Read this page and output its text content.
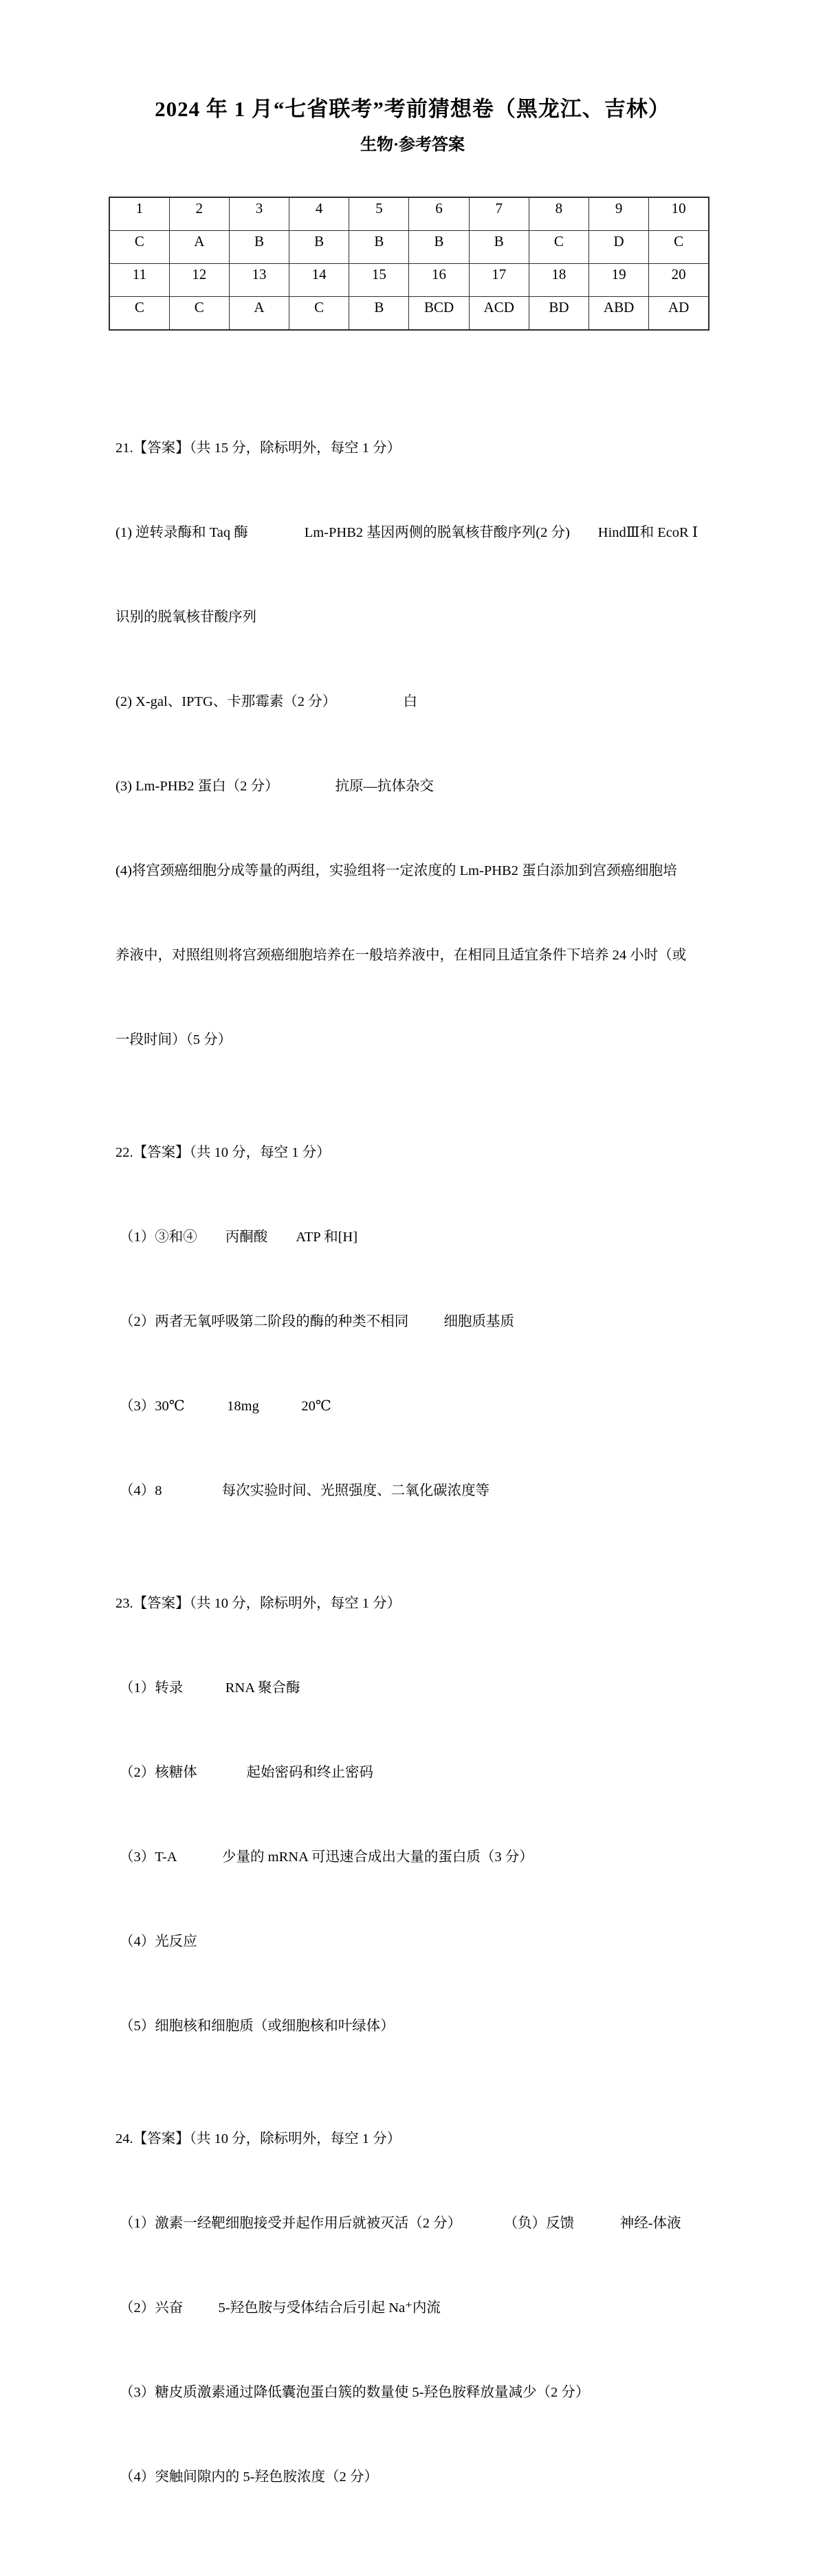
2024 年 1 月“七省联考”考前猜想卷（黑龙江、吉林）
生物·参考答案
1	2	3	4	5	6	7	8	9	10
C	A	B	B	B	B	B	C	D	C
11	12	13	14	15	16	17	18	19	20
C	C	A	C	B	BCD	ACD	BD	ABD	AD

21.【答案】（共 15 分，除标明外，每空 1 分）

(1) 逆转录酶和 Taq 酶                Lm-PHB2 基因两侧的脱氧核苷酸序列(2 分)        HindⅢ和 EcoR Ⅰ

识别的脱氧核苷酸序列

(2) X-gal、IPTG、卡那霉素（2 分）                   白

(3) Lm-PHB2 蛋白（2 分）                抗原—抗体杂交

(4)将宫颈癌细胞分成等量的两组，实验组将一定浓度的 Lm-PHB2 蛋白添加到宫颈癌细胞培

养液中，对照组则将宫颈癌细胞培养在一般培养液中，在相同且适宜条件下培养 24 小时（或

一段时间）（5 分）

22.【答案】（共 10 分，每空 1 分）

（1）③和④        丙酮酸        ATP 和[H]

（2）两者无氧呼吸第二阶段的酶的种类不相同          细胞质基质

（3）30℃            18mg            20℃

（4）8                 每次实验时间、光照强度、二氧化碳浓度等

23.【答案】（共 10 分，除标明外，每空 1 分）

（1）转录            RNA 聚合酶

（2）核糖体              起始密码和终止密码

（3）T-A             少量的 mRNA 可迅速合成出大量的蛋白质（3 分）

（4）光反应

（5）细胞核和细胞质（或细胞核和叶绿体）

24.【答案】（共 10 分，除标明外，每空 1 分）

（1）激素一经靶细胞接受并起作用后就被灭活（2 分）            （负）反馈             神经-体液

（2）兴奋          5-羟色胺与受体结合后引起 Na⁺内流

（3）糖皮质激素通过降低囊泡蛋白簇的数量使 5-羟色胺释放量减少（2 分）

（4）突触间隙内的 5-羟色胺浓度（2 分）
